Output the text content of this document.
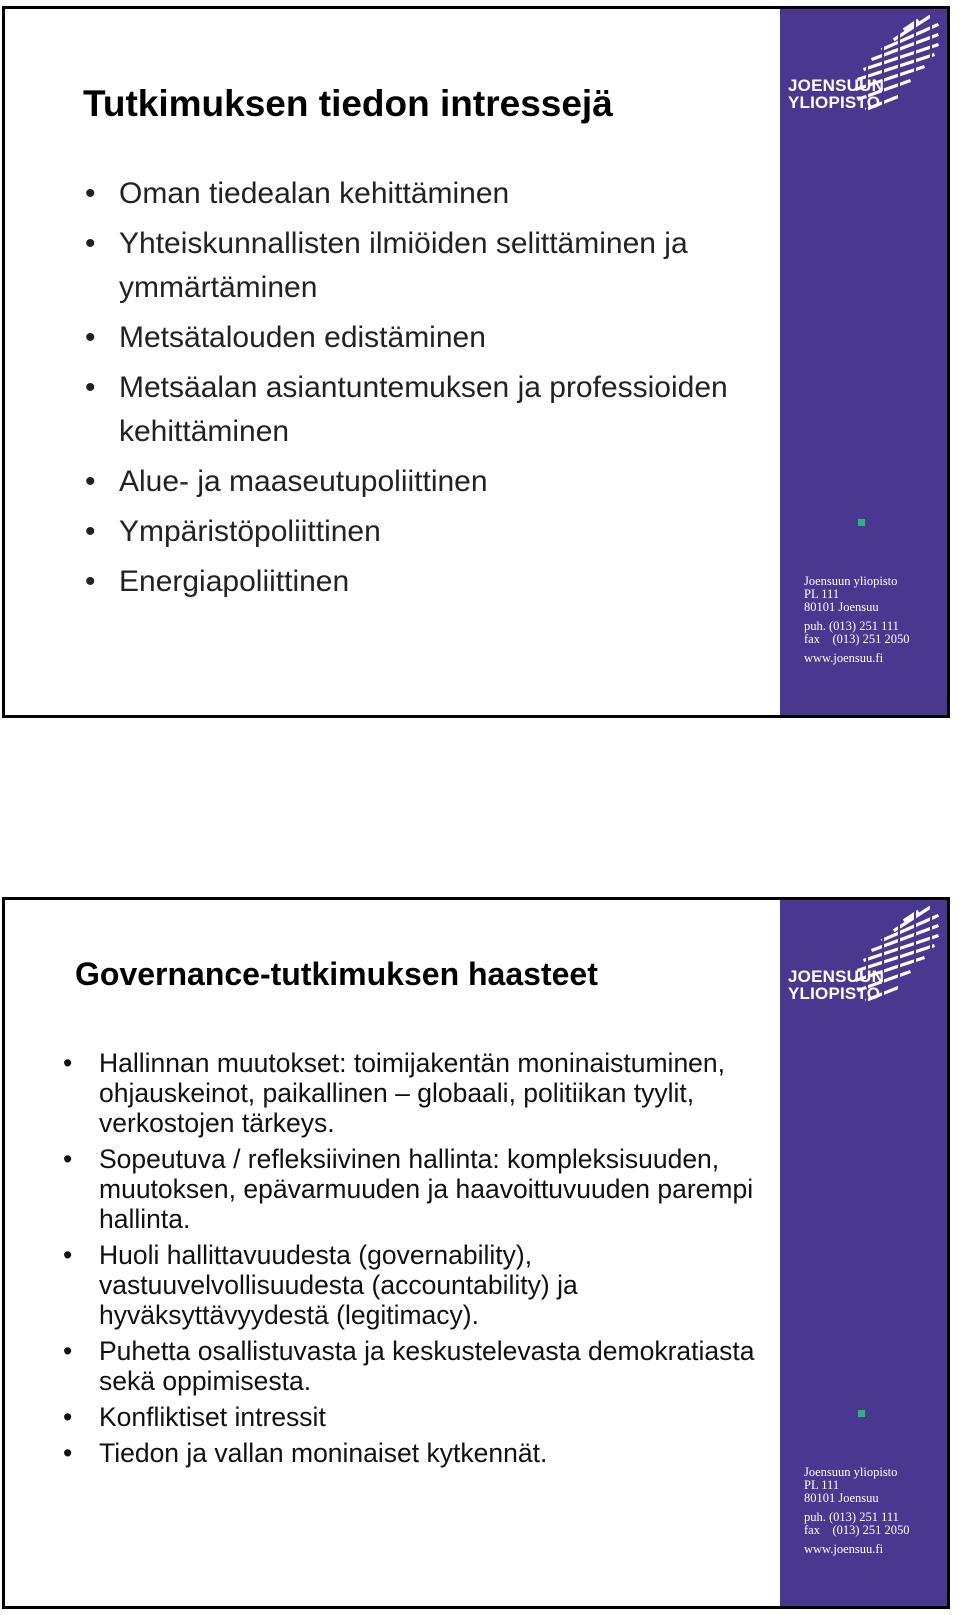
Tutkimuksen tiedon intressejä
• Oman tiedealan kehittäminen
• Yhteiskunnallisten ilmiöiden selittäminen ja ymmärtäminen
• Metsätalouden edistäminen
• Metsäalan asiantuntemuksen ja professioiden kehittäminen
• Alue- ja maaseutupoliittinen
• Ympäristöpoliittinen
• Energiapoliittinen
JOENSUUN
YLIOPISTO
Joensuun yliopisto
PL 111
80101 Joensuu
puh. (013) 251 111
fax    (013) 251 2050
www.joensuu.fi
Governance-tutkimuksen haasteet
• Hallinnan muutokset: toimijakentän moninaistuminen, ohjauskeinot, paikallinen – globaali, politiikan tyylit, verkostojen tärkeys.
• Sopeutuva / refleksiivinen hallinta: kompleksisuuden, muutoksen, epävarmuuden ja haavoittuvuuden parempi hallinta.
• Huoli hallittavuudesta (governability), vastuuvelvollisuudesta (accountability) ja hyväksyttävyydestä (legitimacy).
• Puhetta osallistuvasta ja keskustelevasta demokratiasta sekä oppimisesta.
• Konfliktiset intressit
• Tiedon ja vallan moninaiset kytkennät.
JOENSUUN
YLIOPISTO
Joensuun yliopisto
PL 111
80101 Joensuu
puh. (013) 251 111
fax    (013) 251 2050
www.joensuu.fi
